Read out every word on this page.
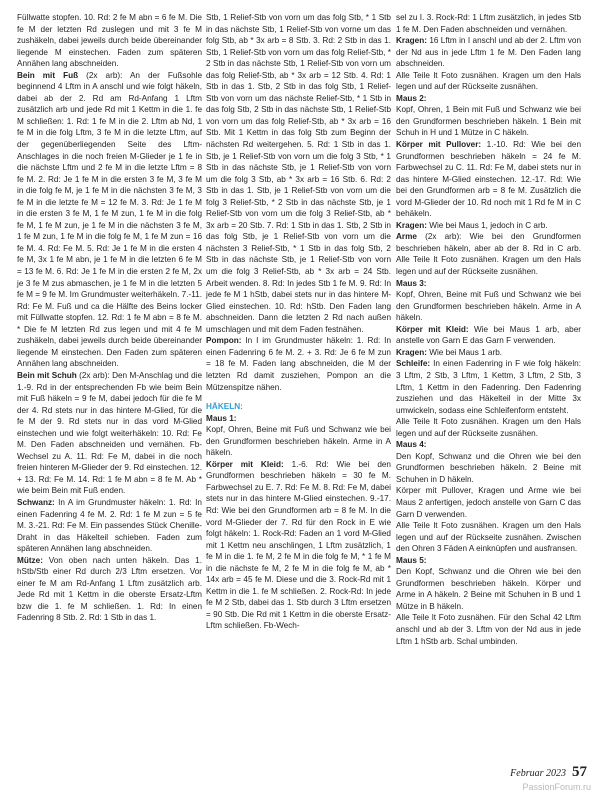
Füllwatte stopfen. 10. Rd: 2 fe M abn = 6 fe M. Die fe M der letzten Rd zuslegen und mit 3 fe M zushäkeln, dabei jeweils durch beide übereinander liegende M einstechen. Faden zum späteren Annähen lang abschneiden.

Bein mit Fuß (2x arb): An der Fußsohle beginnend 4 Lftm in A anschl und wie folgt häkeln, dabei ab der 2. Rd am Rd-Anfang 1 Lftm zusätzlich arb und jede Rd mit 1 Kettm in die 1. fe M schließen: 1. Rd: 1 fe M in die 2. Lftm ab Nd, 1 fe M in die folg Lftm, 3 fe M in die letzte Lftm, auf der gegenüberliegenden Seite des Lftm-Anschlages in die noch freien M-Glieder je 1 fe in die nächste Lftm und 2 fe M in die letzte Lftm = 8 fe M. 2. Rd: Je 1 fe M in die ersten 3 fe M, 3 fe M in die folg fe M, je 1 fe M in die nächsten 3 fe M, 3 fe M in die letzte fe M = 12 fe M. 3. Rd: Je 1 fe M in die ersten 3 fe M, 1 fe M zun, 1 fe M in die folg fe M, 1 fe M zun, je 1 fe M in die nächsten 3 fe M, 1 fe M zun, 1 fe M in die folg fe M, 1 fe M zun = 16 fe M. 4. Rd: Fe M. 5. Rd: Je 1 fe M in die ersten 4 fe M, 3x 1 fe M abn, je 1 fe M in die letzten 6 fe M = 13 fe M. 6. Rd: Je 1 fe M in die ersten 2 fe M, 2x je 3 fe M zus abmaschen, je 1 fe M in die letzten 5 fe M = 9 fe M. Im Grundmuster weiterhäkeln. 7.-11. Rd: Fe M. Fuß und ca die Hälfte des Beins locker mit Füllwatte stopfen. 12. Rd: 1 fe M abn = 8 fe M. * Die fe M letzten Rd zus legen und mit 4 fe M zushäkeln, dabei jeweils durch beide übereinander liegende M einstechen. Den Faden zum späteren Annähen lang abschneiden.

Bein mit Schuh (2x arb): Den M-Anschlag und die 1.-9. Rd in der entsprechenden Fb wie beim Bein mit Fuß häkeln = 9 fe M, dabei jedoch für die fe M der 4. Rd stets nur in das hintere M-Glied, für die fe M der 9. Rd stets nur in das vord M-Glied einstechen und wie folgt weiterhäkeln: 10. Rd: Fe M. Den Faden abschneiden und vernähen. Fb-Wechsel zu A. 11. Rd: Fe M, dabei in die noch freien hinteren M-Glieder der 9. Rd einstechen. 12. + 13. Rd: Fe M. 14. Rd: 1 fe M abn = 8 fe M. Ab * wie beim Bein mit Fuß enden.

Schwanz: In A im Grundmuster häkeln: 1. Rd: In einen Fadenring 4 fe M. 2. Rd: 1 fe M zun = 5 fe M. 3.-21. Rd: Fe M. Ein passendes Stück Chenille-Draht in das Häkelteil schieben. Faden zum späteren Annähen lang abschneiden.

Mütze: Von oben nach unten häkeln. Das 1. hStb/Stb einer Rd durch 2/3 Lftm ersetzen. Vor einer fe M am Rd-Anfang 1 Lftm zusätzlich arb. Jede Rd mit 1 Kettm in die oberste Ersatz-Lftm bzw die 1. fe M schließen. 1. Rd: In einen Fadenring 8 Stb. 2. Rd: 1 Stb in das 1.

Stb, 1 Relief-Stb von vorn um das folg Stb, * 1 Stb in das nächste Stb, 1 Relief-Stb von vorne um das folg Stb, ab * 3x arb = 8 Stb. 3. Rd: 2 Stb in das 1. Stb, 1 Relief-Stb von vorn um das folg Relief-Stb, * 2 Stb in das nächste Stb, 1 Relief-Stb von vorn um das folg Relief-Stb, ab * 3x arb = 12 Stb. 4. Rd: 1 Stb in das 1. Stb, 2 Stb in das folg Stb, 1 Relief-Stb von vorn um das nächste Relief-Stb, * 1 Stb in das folg Stb, 2 Stb in das nächste Stb, 1 Relief-Stb von vorn um das folg Relief-Stb, ab * 3x arb = 16 Stb. Mit 1 Kettm in das folg Stb zum Beginn der nächsten Rd weitergehen. 5. Rd: 1 Stb in das 1. Stb, je 1 Relief-Stb von vorn um die folg 3 Stb, * 1 Stb in das nächste Stb, je 1 Relief-Stb von vorn um die folg 3 Stb, ab * 3x arb = 16 Stb. 6. Rd: 2 Stb in das 1. Stb, je 1 Relief-Stb von vorn um die folg 3 Relief-Stb, * 2 Stb in das nächste Stb, je 1 Relief-Stb von vorn um die folg 3 Relief-Stb, ab * 3x arb = 20 Stb. 7. Rd: 1 Stb in das 1. Stb, 2 Stb in das folg Stb, je 1 Relief-Stb von vorn um die nächsten 3 Relief-Stb, * 1 Stb in das folg Stb, 2 Stb in das nächste Stb, je 1 Relief-Stb von vorn um die folg 3 Relief-Stb, ab * 3x arb = 24 Stb. Arbeit wenden. 8. Rd: In jedes Stb 1 fe M. 9. Rd: In jede fe M 1 hStb, dabei stets nur in das hintere M-Glied einstechen. 10. Rd: hStb. Den Faden lang abschneiden. Dann die letzten 2 Rd nach außen umschlagen und mit dem Faden festnähen.

Pompon: In I im Grundmuster häkeln: 1. Rd: In einen Fadenring 6 fe M. 2. + 3. Rd: Je 6 fe M zun = 18 fe M. Faden lang abschneiden, die M der letzten Rd damit zusziehen, Pompon an die Mützenspitze nähen.

HÄKELN:

Maus 1:

Kopf, Ohren, Beine mit Fuß und Schwanz wie bei den Grundformen beschrieben häkeln. Arme in A häkeln.

Körper mit Kleid: 1.-6. Rd: Wie bei den Grundformen beschrieben häkeln = 30 fe M. Farbwechsel zu E. 7. Rd: Fe M. 8. Rd: Fe M, dabei stets nur in das hintere M-Glied einstechen. 9.-17. Rd: Wie bei den Grundformen arb = 8 fe M. In die vord M-Glieder der 7. Rd für den Rock in E wie folgt häkeln: 1. Rock-Rd: Faden an 1 vord M-Glied mit 1 Kettm neu anschlingen, 1 Lftm zusätzlich, 1 fe M in die 1. fe M, 2 fe M in die folg fe M, * 1 fe M in die nächste fe M, 2 fe M in die folg fe M, ab * 14x arb = 45 fe M. Diese und die 3. Rock-Rd mit 1 Kettm in die 1. fe M schließen. 2. Rock-Rd: In jede fe M 2 Stb, dabei das 1. Stb durch 3 Lftm ersetzen = 90 Stb. Die Rd mit 1 Kettm in die oberste Ersatz-Lftm schließen. Fb-Wech-

sel zu I. 3. Rock-Rd: 1 Lftm zusätzlich, in jedes Stb 1 fe M. Den Faden abschneiden und vernähen.

Kragen: 16 Lftm in I anschl und ab der 2. Lftm von der Nd aus in jede Lftm 1 fe M. Den Faden lang abschneiden.

Alle Teile lt Foto zusnähen. Kragen um den Hals legen und auf der Rückseite zusnähen.

Maus 2:

Kopf, Ohren, 1 Bein mit Fuß und Schwanz wie bei den Grundformen beschrieben häkeln. 1 Bein mit Schuh in H und 1 Mütze in C häkeln.

Körper mit Pullover: 1.-10. Rd: Wie bei den Grundformen beschrieben häkeln = 24 fe M. Farbwechsel zu C. 11. Rd: Fe M, dabei stets nur in das hintere M-Glied einstechen. 12.-17. Rd: Wie bei den Grundformen arb = 8 fe M. Zusätzlich die vord M-Glieder der 10. Rd noch mit 1 Rd fe M in C behäkeln.

Kragen: Wie bei Maus 1, jedoch in C arb.

Arme (2x arb): Wie bei den Grundformen beschrieben häkeln, aber ab der 8. Rd in C arb. Alle Teile lt Foto zusnähen. Kragen um den Hals legen und auf der Rückseite zusnähen.

Maus 3:

Kopf, Ohren, Beine mit Fuß und Schwanz wie bei den Grundformen beschrieben häkeln. Arme in A häkeln.

Körper mit Kleid: Wie bei Maus 1 arb, aber anstelle von Garn E das Garn F verwenden.

Kragen: Wie bei Maus 1 arb.

Schleife: In einen Fadenring in F wie folg häkeln: 3 Lftm, 2 Stb, 3 Lftm, 1 Kettm, 3 Lftm, 2 Stb, 3 Lftm, 1 Kettm in den Fadenring. Den Fadenring zusziehen und das Häkelteil in der Mitte 3x umwickeln, sodass eine Schleifenform entsteht.

Alle Teile lt Foto zusnähen. Kragen um den Hals legen und auf der Rückseite zusnähen.

Maus 4:

Den Kopf, Schwanz und die Ohren wie bei den Grundformen beschrieben häkeln. 2 Beine mit Schuhen in D häkeln.

Körper mit Pullover, Kragen und Arme wie bei Maus 2 anfertigen, jedoch anstelle von Garn C das Garn D verwenden.

Alle Teile lt Foto zusnähen. Kragen um den Hals legen und auf der Rückseite zusnähen. Zwischen den Ohren 3 Fäden A einknüpfen und ausfransen.

Maus 5:

Den Kopf, Schwanz und die Ohren wie bei den Grundformen beschrieben häkeln. Körper und Arme in A häkeln. 2 Beine mit Schuhen in B und 1 Mütze in B häkeln.

Alle Teile lt Foto zusnähen. Für den Schal 42 Lftm anschl und ab der 3. Lftm von der Nd aus in jede Lftm 1 hStb arb. Schal umbinden.

Februar 2023 57
PassionForum.ru
